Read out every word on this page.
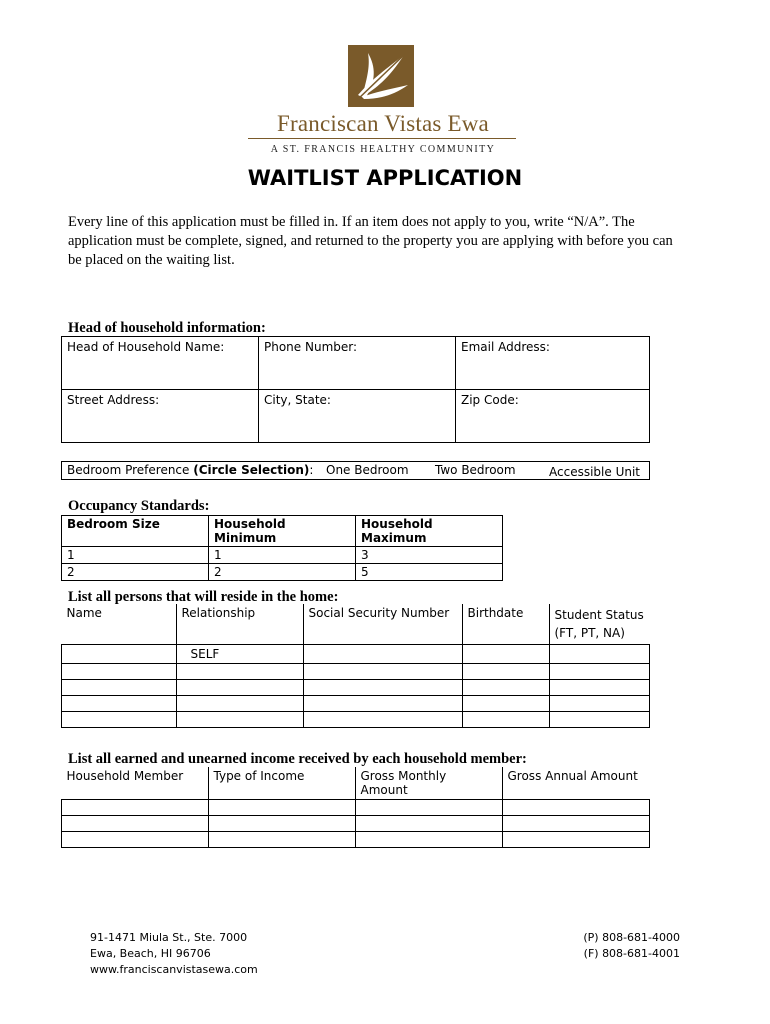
Franciscan Vistas Ewa
A ST. FRANCIS HEALTHY COMMUNITY
WAITLIST APPLICATION
Every line of this application must be filled in. If an item does not apply to you, write “N/A”. The application must be complete, signed, and returned to the property you are applying with before you can be placed on the waiting list.
Head of household information:
Head of Household Name:	Phone Number:	Email Address:
Street Address:	City, State:	Zip Code:
Bedroom Preference (Circle Selection): One Bedroom Two Bedroom	Accessible Unit
Occupancy Standards:
Bedroom Size	Household Minimum	Household Maximum
1	1	3
2	2	5
List all persons that will reside in the home:
Name	Relationship	Social Security Number	Birthdate	Student Status (FT, PT, NA)
	SELF			

List all earned and unearned income received by each household member:
Household Member	Type of Income	Gross Monthly Amount	Gross Annual Amount

91-1471 Miula St., Ste. 7000
Ewa, Beach, HI 96706
www.franciscanvistasewa.com
(P) 808-681-4000
(F) 808-681-4001
